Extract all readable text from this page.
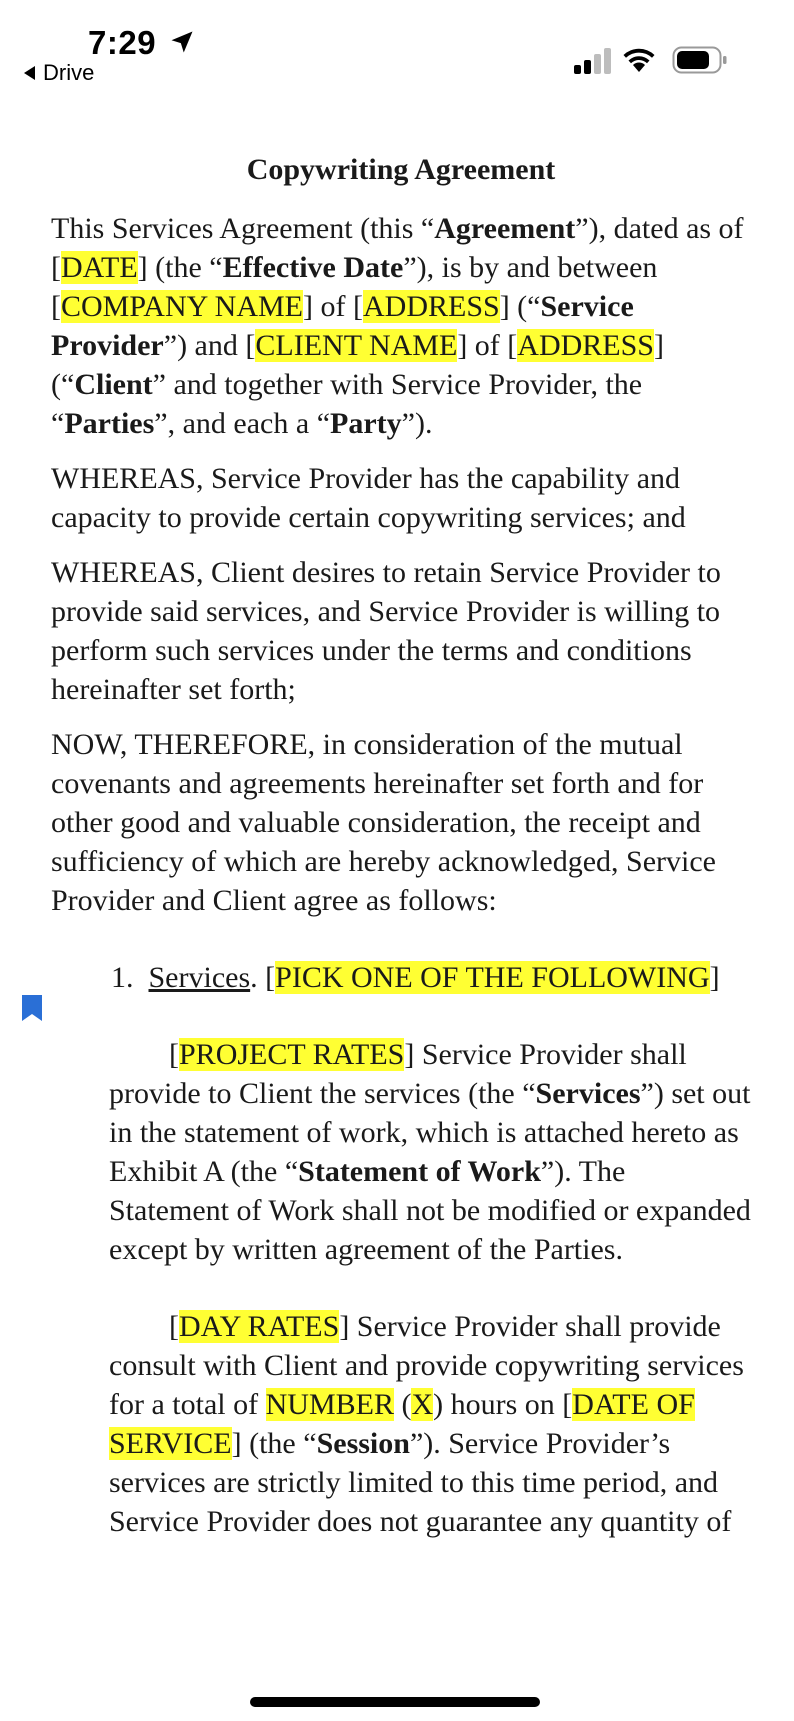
7:29
Drive
Copywriting Agreement

This Services Agreement (this “Agreement”), dated as of [DATE] (the “Effective Date”), is by and between [COMPANY NAME] of [ADDRESS] (“Service Provider”) and [CLIENT NAME] of [ADDRESS] (“Client” and together with Service Provider, the “Parties”, and each a “Party”).

WHEREAS, Service Provider has the capability and capacity to provide certain copywriting services; and

WHEREAS, Client desires to retain Service Provider to provide said services, and Service Provider is willing to perform such services under the terms and conditions hereinafter set forth;

NOW, THEREFORE, in consideration of the mutual covenants and agreements hereinafter set forth and for other good and valuable consideration, the receipt and sufficiency of which are hereby acknowledged, Service Provider and Client agree as follows:

1. Services. [PICK ONE OF THE FOLLOWING]

[PROJECT RATES] Service Provider shall provide to Client the services (the “Services”) set out in the statement of work, which is attached hereto as Exhibit A (the “Statement of Work”). The Statement of Work shall not be modified or expanded except by written agreement of the Parties.

[DAY RATES] Service Provider shall provide consult with Client and provide copywriting services for a total of NUMBER (X) hours on [DATE OF SERVICE] (the “Session”). Service Provider’s services are strictly limited to this time period, and Service Provider does not guarantee any quantity of
